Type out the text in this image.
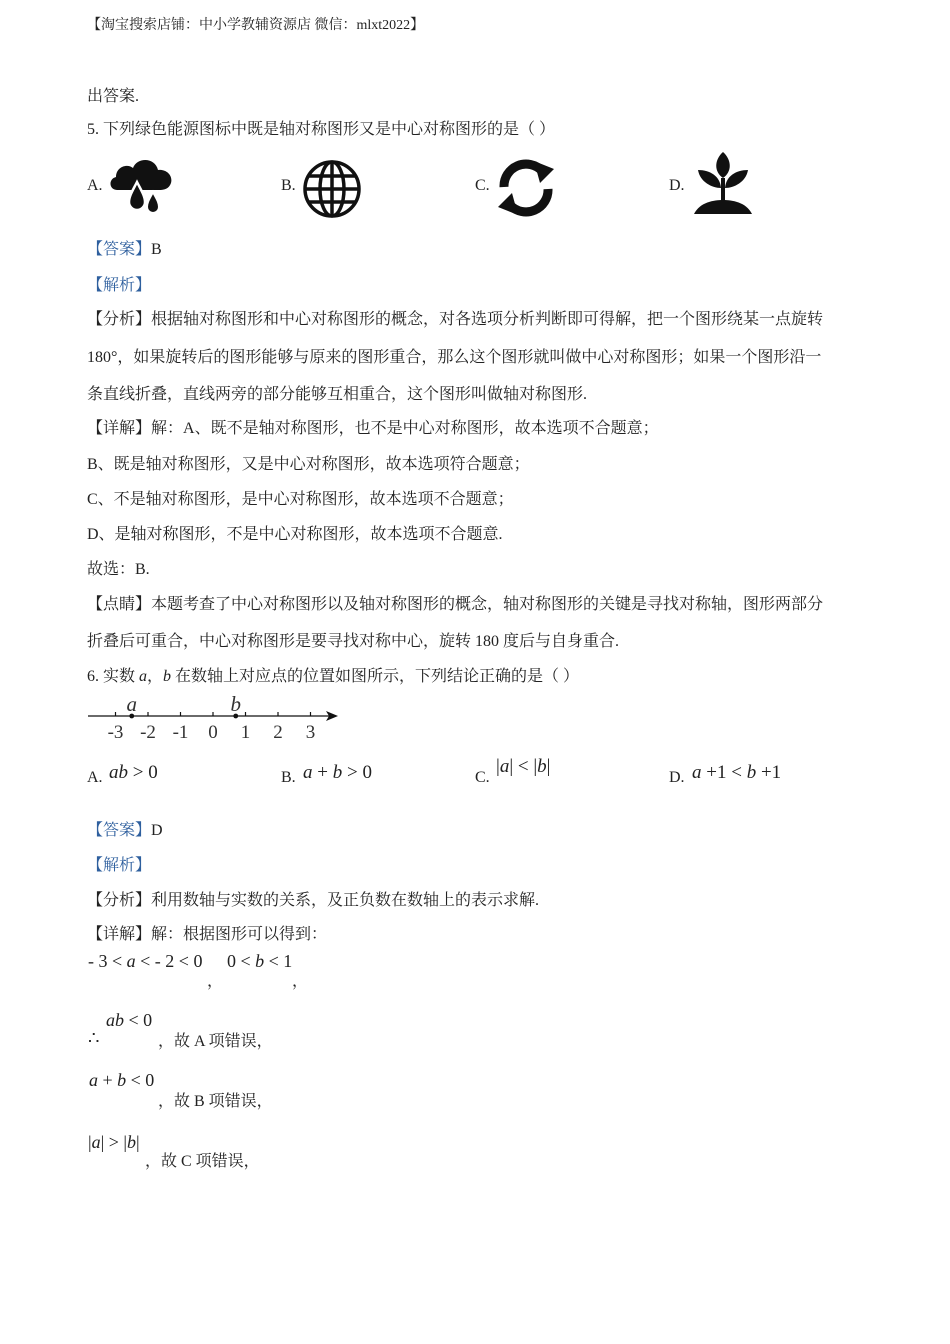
【淘宝搜索店铺：中小学教辅资源店 微信：mlxt2022】
出答案.
5. 下列绿色能源图标中既是轴对称图形又是中心对称图形的是（ ）
A.	B.	C.	D.
【答案】B
【解析】
【分析】根据轴对称图形和中心对称图形的概念，对各选项分析判断即可得解，把一个图形绕某一点旋转
180°，如果旋转后的图形能够与原来的图形重合，那么这个图形就叫做中心对称图形；如果一个图形沿一
条直线折叠，直线两旁的部分能够互相重合，这个图形叫做轴对称图形.
【详解】解：A、既不是轴对称图形，也不是中心对称图形，故本选项不合题意；
B、既是轴对称图形，又是中心对称图形，故本选项符合题意；
C、不是轴对称图形，是中心对称图形，故本选项不合题意；
D、是轴对称图形，不是中心对称图形，故本选项不合题意.
故选：B.
【点睛】本题考查了中心对称图形以及轴对称图形的概念，轴对称图形的关键是寻找对称轴，图形两部分
折叠后可重合，中心对称图形是要寻找对称中心，旋转 180 度后与自身重合.
6. 实数 a，b 在数轴上对应点的位置如图所示，下列结论正确的是（ ）
-3 -2 -1 0 1 2 3
a	b
A. ab > 0	B. a + b > 0	C.
|a| < |b|
D. a +1 < b +1
【答案】D
【解析】
【分析】利用数轴与实数的关系，及正负数在数轴上的表示求解.
【详解】解：根据图形可以得到：
- 3 < a < - 2 < 0
，
0 < b < 1
，
∴
ab < 0
，故 A 项错误，
a + b < 0
，故 B 项错误，
|a| > |b|
，故 C 项错误，
